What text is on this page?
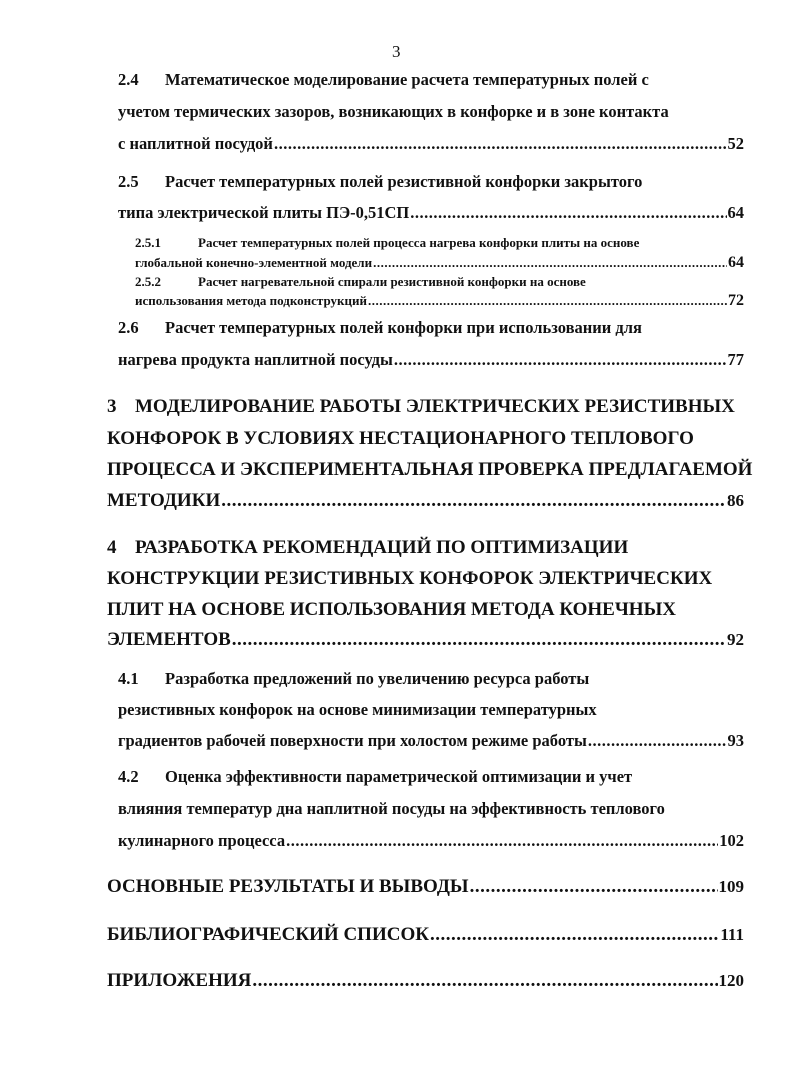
3
2.4 Математическое моделирование расчета температурных полей с
учетом термических зазоров, возникающих в конфорке и в зоне контакта
с наплитной посудой .....	52
2.5 Расчет температурных полей резистивной конфорки закрытого
типа электрической плиты ПЭ-0,51СП .....	64
2.5.1	Расчет температурных полей процесса нагрева конфорки плиты на основе
глобальной конечно-элементной модели .....	64
2.5.2	Расчет нагревательной спирали резистивной конфорки на основе
использования метода подконструкций .....	72
2.6 Расчет температурных полей конфорки при использовании для
нагрева продукта наплитной посуды .....	77
3 МОДЕЛИРОВАНИЕ РАБОТЫ ЭЛЕКТРИЧЕСКИХ РЕЗИСТИВНЫХ
КОНФОРОК В УСЛОВИЯХ НЕСТАЦИОНАРНОГО ТЕПЛОВОГО
ПРОЦЕССА И ЭКСПЕРИМЕНТАЛЬНАЯ ПРОВЕРКА ПРЕДЛАГАЕМОЙ
МЕТОДИКИ .....	86
4 РАЗРАБОТКА РЕКОМЕНДАЦИЙ ПО ОПТИМИЗАЦИИ
КОНСТРУКЦИИ РЕЗИСТИВНЫХ КОНФОРОК ЭЛЕКТРИЧЕСКИХ
ПЛИТ НА ОСНОВЕ ИСПОЛЬЗОВАНИЯ МЕТОДА КОНЕЧНЫХ
ЭЛЕМЕНТОВ .....	92
4.1 Разработка предложений по увеличению ресурса работы
резистивных конфорок на основе минимизации температурных
градиентов рабочей поверхности при холостом режиме работы .....	93
4.2 Оценка эффективности параметрической оптимизации и учет
влияния температур дна наплитной посуды на эффективность теплового
кулинарного процесса .....	102
ОСНОВНЫЕ РЕЗУЛЬТАТЫ И ВЫВОДЫ .....	109
БИБЛИОГРАФИЧЕСКИЙ СПИСОК .....	111
ПРИЛОЖЕНИЯ .....	120
